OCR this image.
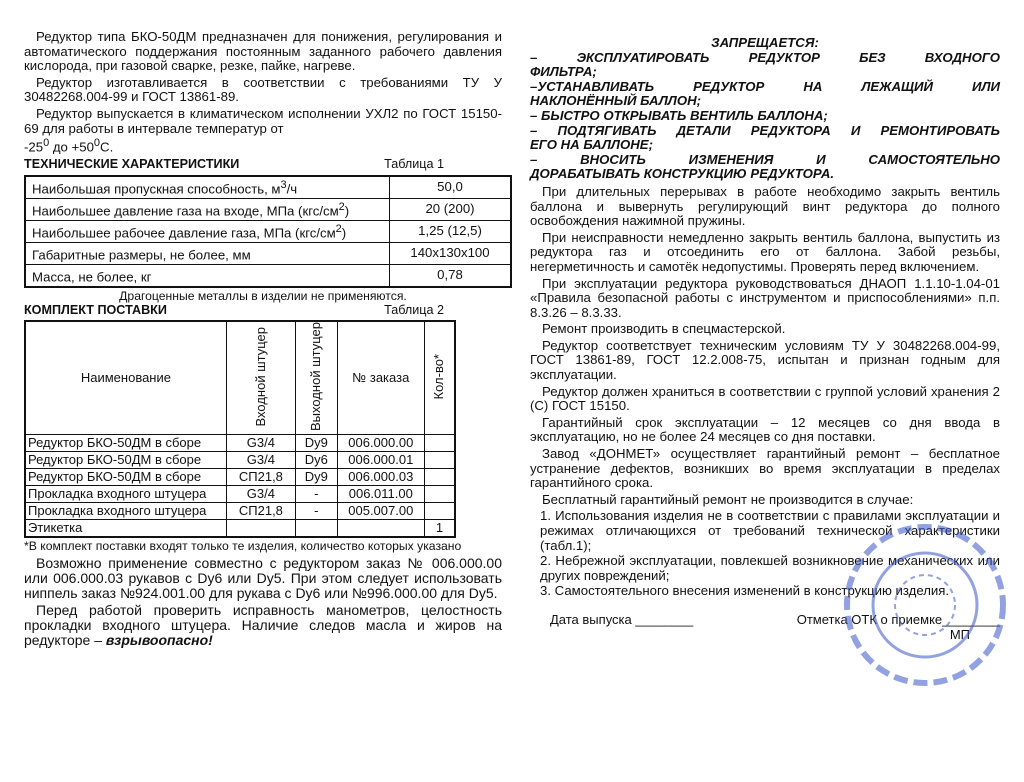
Редуктор типа БКО-50ДМ предназначен для понижения, регулирования и автоматического поддержания постоянным заданного рабочего давления кислорода, при газовой сварке, резке, пайке, нагреве.

Редуктор изготавливается в соответствии с требованиями ТУ У 30482268.004-99 и ГОСТ 13861-89.

Редуктор выпускается в климатическом исполнении УХЛ2 по ГОСТ 15150-69 для работы в интервале температур от
$-25^0$ до $+50^0С$.

ТЕХНИЧЕСКИЕ ХАРАКТЕРИСТИКИ	Таблица 1
Наибольшая пропускная способность, $м^3/ч$	50,0
Наибольшее давление газа на входе, МПа $(кгс/см^2)$	20 (200)
Наибольшее рабочее давление газа, МПа $(кгс/см^2)$	1,25 (12,5)
Габаритные размеры, не более, мм	140x130x100
Масса, не более, кг	0,78

Драгоценные металлы в изделии не применяются.

КОМПЛЕКТ ПОСТАВКИ	Таблица 2
Наименование	Входной штуцер	Выходной штуцер	№ заказа	Кол-во*
Редуктор БКО-50ДМ в сборе	G3/4	Dy9	006.000.00	
Редуктор БКО-50ДМ в сборе	G3/4	Dy6	006.000.01	
Редуктор БКО-50ДМ в сборе	СП21,8	Dy9	006.000.03	
Прокладка входного штуцера	G3/4	-	006.011.00	
Прокладка входного штуцера	СП21,8	-	005.007.00	
Этикетка				1

*В комплект поставки входят только те изделия, количество которых указано

Возможно применение совместно с редуктором заказ № 006.000.00 или 006.000.03 рукавов с Dy6 или Dy5. При этом следует использовать ниппель заказ №924.001.00 для рукава с Dy6 или №996.000.00 для Dy5.

Перед работой проверить исправность манометров, целостность прокладки входного штуцера. Наличие следов масла и жиров на редукторе – взрывоопасно!

ЗАПРЕЩАЕТСЯ:

– ЭКСПЛУАТИРОВАТЬ РЕДУКТОР БЕЗ ВХОДНОГО

ФИЛЬТРА;

–УСТАНАВЛИВАТЬ РЕДУКТОР НА ЛЕЖАЩИЙ ИЛИ

НАКЛОНЁННЫЙ БАЛЛОН;

– БЫСТРО ОТКРЫВАТЬ ВЕНТИЛЬ БАЛЛОНА;

– ПОДТЯГИВАТЬ ДЕТАЛИ РЕДУКТОРА И РЕМОНТИРОВАТЬ

ЕГО НА БАЛЛОНЕ;

– ВНОСИТЬ ИЗМЕНЕНИЯ И САМОСТОЯТЕЛЬНО

ДОРАБАТЫВАТЬ КОНСТРУКЦИЮ РЕДУКТОРА.

При длительных перерывах в работе необходимо закрыть вентиль баллона и вывернуть регулирующий винт редуктора до полного освобождения нажимной пружины.

При неисправности немедленно закрыть вентиль баллона, выпустить из редуктора газ и отсоединить его от баллона. Забой резьбы, негерметичность и самотёк недопустимы. Проверять перед включением.

При эксплуатации редуктора руководствоваться ДНАОП 1.1.10-1.04-01 «Правила безопасной работы с инструментом и приспособлениями» п.п. 8.3.26 – 8.3.33.

Ремонт производить в спецмастерской.

Редуктор соответствует техническим условиям ТУ У 30482268.004-99, ГОСТ 13861-89, ГОСТ 12.2.008-75, испытан и признан годным для эксплуатации.

Редуктор должен храниться в соответствии с группой условий хранения 2 (С) ГОСТ 15150.

Гарантийный срок эксплуатации – 12 месяцев со дня ввода в эксплуатацию, но не более 24 месяцев со дня поставки.

Завод «ДОНМЕТ» осуществляет гарантийный ремонт – бесплатное устранение дефектов, возникших во время эксплуатации в пределах гарантийного срока.

Бесплатный гарантийный ремонт не производится в случае:

1. Использования изделия не в соответствии с правилами эксплуатации и режимах отличающихся от требований технической характеристики (табл.1);

2. Небрежной эксплуатации, повлекшей возникновение механических или других повреждений;

3. Самостоятельного внесения изменений в конструкцию изделия.

Дата выпуска ________	Отметка ОТК о приемке________
МП
